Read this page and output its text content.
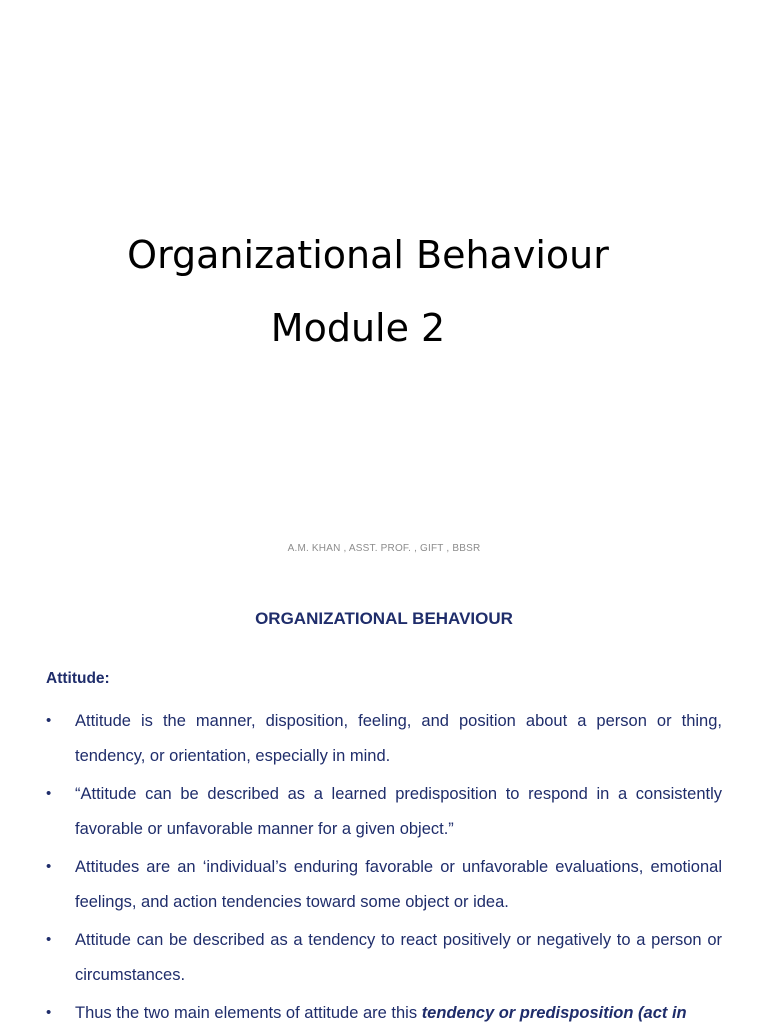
Organizational Behaviour
Module 2
A.M. KHAN , ASST. PROF. , GIFT , BBSR
ORGANIZATIONAL BEHAVIOUR
Attitude:
• Attitude is the manner, disposition, feeling, and position about a person or thing, tendency, or orientation, especially in mind.
• “Attitude can be described as a learned predisposition to respond in a consistently favorable or unfavorable manner for a given object.”
• Attitudes are an ‘individual’s enduring favorable or unfavorable evaluations, emotional feelings, and action tendencies toward some object or idea.
• Attitude can be described as a tendency to react positively or negatively to a person or circumstances.
• Thus the two main elements of attitude are this tendency or predisposition (act in
